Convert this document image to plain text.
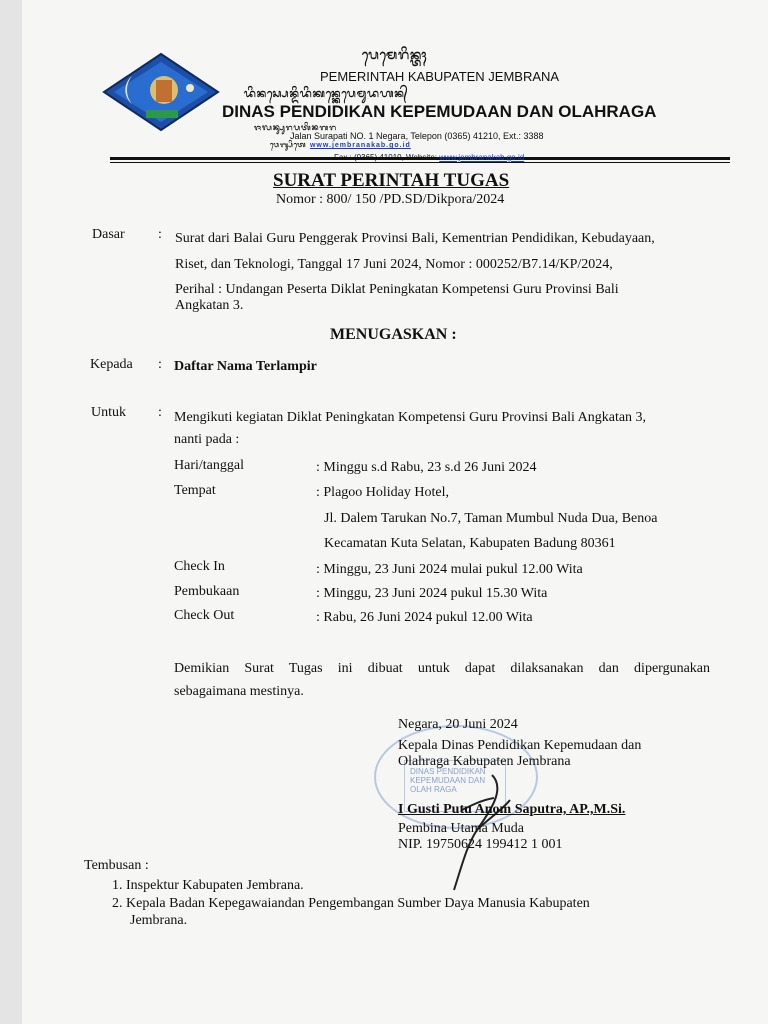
ᬧᬾᬫᬾᬭᬶᬦ᭄ᬢᬄ
PEMERINTAH KABUPATEN JEMBRANA
ᬤᬶᬦᬲ᭄ᬧᬾᬦ᭄ᬤᬶᬤᬶᬓᬦ᭄ᬓᬾᬧᬾᬫᬸᬤᬳᬦ᭄
DINAS PENDIDIKAN KEPEMUDAAN DAN OLAHRAGA
ᬚᬮᬦ᭄ᬲᬸᬭᬧᬢᬶᬦᬕᬭ
Jalan Surapati NO. 1 Negara, Telepon (0365) 41210, Ext.: 3388
ᬯᬾᬩ᭄ᬲᬶᬢᬾ www.jembranakab.go.id
Fax.: (0365) 41010, Website: www.jembranakab.go.id
SURAT PERINTAH TUGAS
Nomor : 800/ 150 /PD.SD/Dikpora/2024
Dasar : Surat dari Balai Guru Penggerak Provinsi Bali, Kementrian Pendidikan, Kebudayaan,
Riset, dan Teknologi, Tanggal 17 Juni 2024, Nomor : 000252/B7.14/KP/2024,
Perihal : Undangan Peserta Diklat Peningkatan Kompetensi Guru Provinsi Bali
Angkatan 3.
MENUGASKAN :
Kepada : Daftar Nama Terlampir
Untuk : Mengikuti kegiatan Diklat Peningkatan Kompetensi Guru Provinsi Bali Angkatan 3,
nanti pada :
Hari/tanggal	: Minggu s.d Rabu, 23 s.d 26 Juni 2024
Tempat	: Plagoo Holiday Hotel,
Jl. Dalem Tarukan No.7, Taman Mumbul Nuda Dua, Benoa
Kecamatan Kuta Selatan, Kabupaten Badung 80361
Check In	: Minggu, 23 Juni 2024 mulai pukul 12.00 Wita
Pembukaan	: Minggu, 23 Juni 2024 pukul 15.30 Wita
Check Out	: Rabu, 26 Juni 2024 pukul 12.00 Wita
Demikian Surat Tugas ini dibuat untuk dapat dilaksanakan dan dipergunakan
sebagaimana mestinya.
DINAS PENDIDIKAN
KEPEMUDAAN DAN
OLAH RAGA
Negara, 20 Juni 2024
Kepala Dinas Pendidikan Kepemudaan dan
Olahraga Kabupaten Jembrana
I Gusti Putu Anom Saputra, AP.,M.Si.
Pembina Utama Muda
NIP. 19750624 199412 1 001
Tembusan :
1. Inspektur Kabupaten Jembrana.
2. Kepala Badan Kepegawaiandan Pengembangan Sumber Daya Manusia Kabupaten
Jembrana.
